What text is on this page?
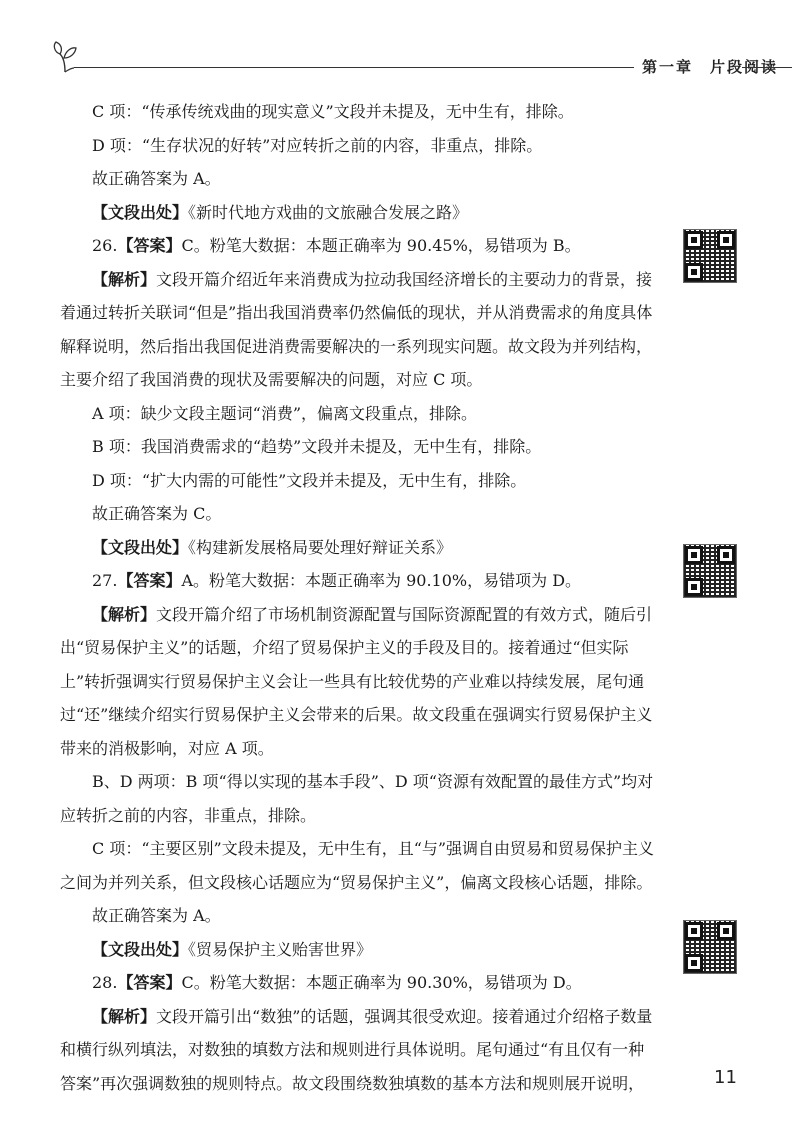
第一章　片段阅读

C 项：“传承传统戏曲的现实意义”文段并未提及，无中生有，排除。

D 项：“生存状况的好转”对应转折之前的内容，非重点，排除。

故正确答案为 A。

【文段出处】《新时代地方戏曲的文旅融合发展之路》

26.【答案】C。粉笔大数据：本题正确率为 90.45%，易错项为 B。

【解析】文段开篇介绍近年来消费成为拉动我国经济增长的主要动力的背景，接着通过转折关联词“但是”指出我国消费率仍然偏低的现状，并从消费需求的角度具体解释说明，然后指出我国促进消费需要解决的一系列现实问题。故文段为并列结构，主要介绍了我国消费的现状及需要解决的问题，对应 C 项。

A 项：缺少文段主题词“消费”，偏离文段重点，排除。

B 项：我国消费需求的“趋势”文段并未提及，无中生有，排除。

D 项：“扩大内需的可能性”文段并未提及，无中生有，排除。

故正确答案为 C。

【文段出处】《构建新发展格局要处理好辩证关系》

27.【答案】A。粉笔大数据：本题正确率为 90.10%，易错项为 D。

【解析】文段开篇介绍了市场机制资源配置与国际资源配置的有效方式，随后引出“贸易保护主义”的话题，介绍了贸易保护主义的手段及目的。接着通过“但实际上”转折强调实行贸易保护主义会让一些具有比较优势的产业难以持续发展，尾句通过“还”继续介绍实行贸易保护主义会带来的后果。故文段重在强调实行贸易保护主义带来的消极影响，对应 A 项。

B、D 两项：B 项“得以实现的基本手段”、D 项“资源有效配置的最佳方式”均对应转折之前的内容，非重点，排除。

C 项：“主要区别”文段未提及，无中生有，且“与”强调自由贸易和贸易保护主义之间为并列关系，但文段核心话题应为“贸易保护主义”，偏离文段核心话题，排除。

故正确答案为 A。

【文段出处】《贸易保护主义贻害世界》

28.【答案】C。粉笔大数据：本题正确率为 90.30%，易错项为 D。

【解析】文段开篇引出“数独”的话题，强调其很受欢迎。接着通过介绍格子数量和横行纵列填法，对数独的填数方法和规则进行具体说明。尾句通过“有且仅有一种答案”再次强调数独的规则特点。故文段围绕数独填数的基本方法和规则展开说明，	11
